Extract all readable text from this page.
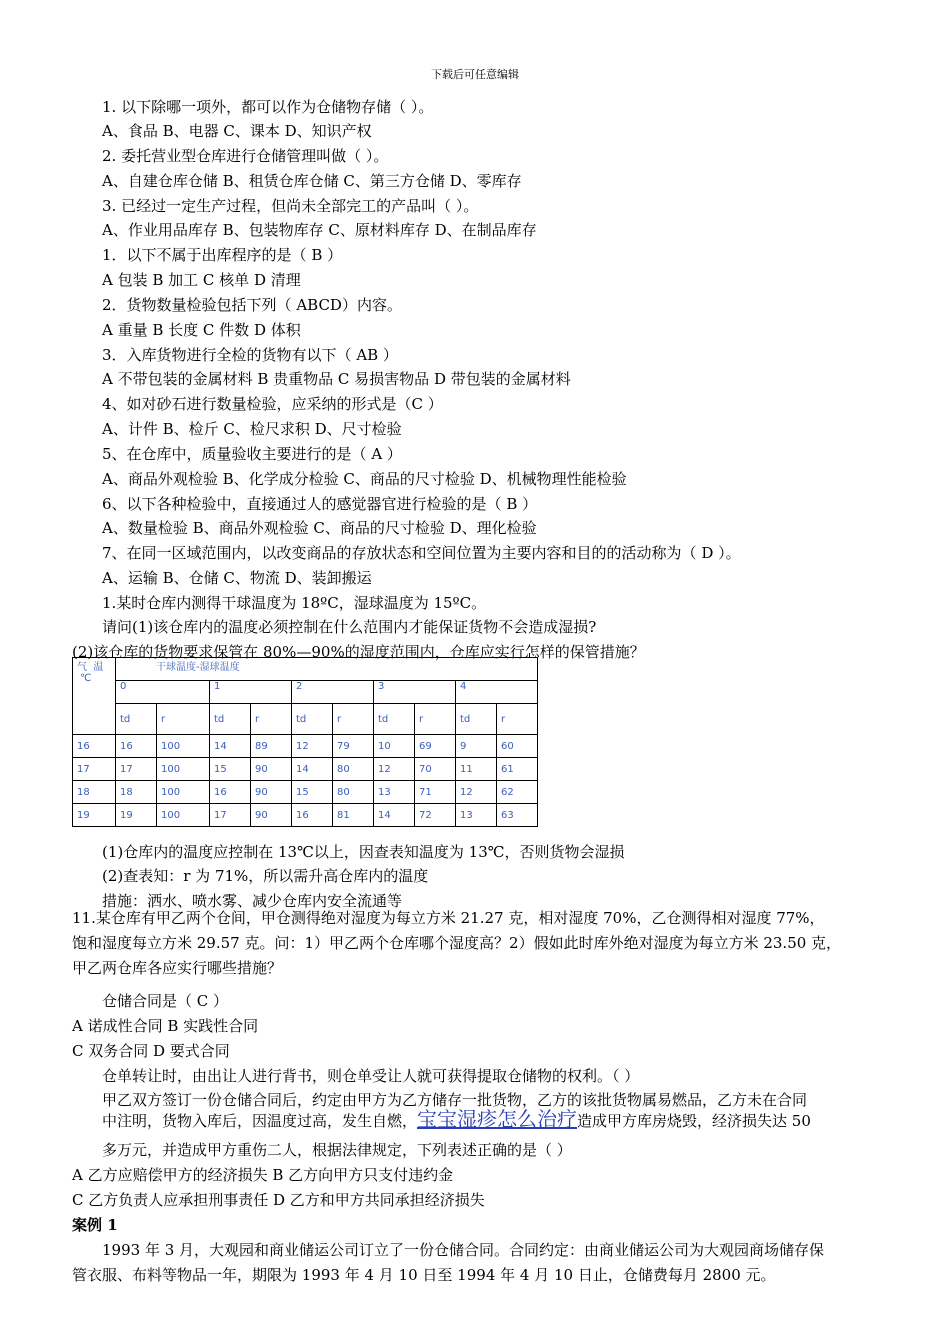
下载后可任意编辑
1. 以下除哪一项外，都可以作为仓储物存储（ ）。
A、食品 B、电器 C、课本 D、知识产权
2. 委托营业型仓库进行仓储管理叫做（ ）。
A、自建仓库仓储 B、租赁仓库仓储 C、第三方仓储 D、零库存
3. 已经过一定生产过程，但尚未全部完工的产品叫（ ）。
A、作业用品库存 B、包装物库存 C、原材料库存 D、在制品库存
1．以下不属于出库程序的是（ B ）
A 包装 B 加工 C 核单 D 清理
2．货物数量检验包括下列（ ABCD）内容。
A 重量 B 长度 C 件数 D 体积
3．入库货物进行全检的货物有以下（ AB ）
A 不带包装的金属材料 B 贵重物品 C 易损害物品 D 带包装的金属材料
4、如对砂石进行数量检验，应采纳的形式是（C ）
A、计件 B、检斤 C、检尺求积 D、尺寸检验
5、在仓库中，质量验收主要进行的是（ A ）
A、商品外观检验 B、化学成分检验 C、商品的尺寸检验 D、机械物理性能检验
6、以下各种检验中，直接通过人的感觉器官进行检验的是（ B ）
A、数量检验 B、商品外观检验 C、商品的尺寸检验 D、理化检验
7、在同一区域范围内，以改变商品的存放状态和空间位置为主要内容和目的的活动称为（ D ）。
A、运输 B、仓储 C、物流 D、装卸搬运
1.某时仓库内测得干球温度为 18ºC，湿球温度为 15ºC。
请问(1)该仓库内的温度必须控制在什么范围内才能保证货物不会造成湿损?
(2)该仓库的货物要求保管在 80%—90%的湿度范围内，仓库应实行怎样的保管措施？
(1)仓库内的温度应控制在 13℃以上，因查表知温度为 13℃，否则货物会湿损
(2)查表知：r 为 71%，所以需升高仓库内的温度
措施：洒水、喷水雾、减少仓库内安全流通等
仓储合同是（ C ）
A 诺成性合同 B 实践性合同
C 双务合同 D 要式合同
仓单转让时，由出让人进行背书，则仓单受让人就可获得提取仓储物的权利。（ ）
甲乙双方签订一份仓储合同后，约定由甲方为乙方储存一批货物，乙方的该批货物属易燃品，乙方未在合同
多万元，并造成甲方重伤二人，根据法律规定，下列表述正确的是（ ）
A 乙方应赔偿甲方的经济损失 B 乙方向甲方只支付违约金
C 乙方负责人应承担刑事责任 D 乙方和甲方共同承担经济损失
1993 年 3 月，大观园和商业储运公司订立了一份仓储合同。合同约定：由商业储运公司为大观园商场储存保
11.某仓库有甲乙两个仓间，甲仓测得绝对湿度为每立方米 21.27 克，相对湿度 70%，乙仓测得相对湿度 77%，
饱和湿度每立方米 29.57 克。问：1）甲乙两个仓库哪个湿度高？2）假如此时库外绝对湿度为每立方米 23.50 克，
甲乙两仓库各应实行哪些措施？
中注明，货物入库后，因温度过高，发生自燃，宝宝湿疹怎么治疗造成甲方库房烧毁，经济损失达 50
案例 1
管衣服、布料等物品一年，期限为 1993 年 4 月 10 日至 1994 年 4 月 10 日止，仓储费每月 2800 元。
气  温
℃	干球温度-湿球温度									
	0		1		2		3		4	
	td	r	td	r	td	r	td	r	td	r
16	16	100	14	89	12	79	10	69	9	60
17	17	100	15	90	14	80	12	70	11	61
18	18	100	16	90	15	80	13	71	12	62
19	19	100	17	90	16	81	14	72	13	63
